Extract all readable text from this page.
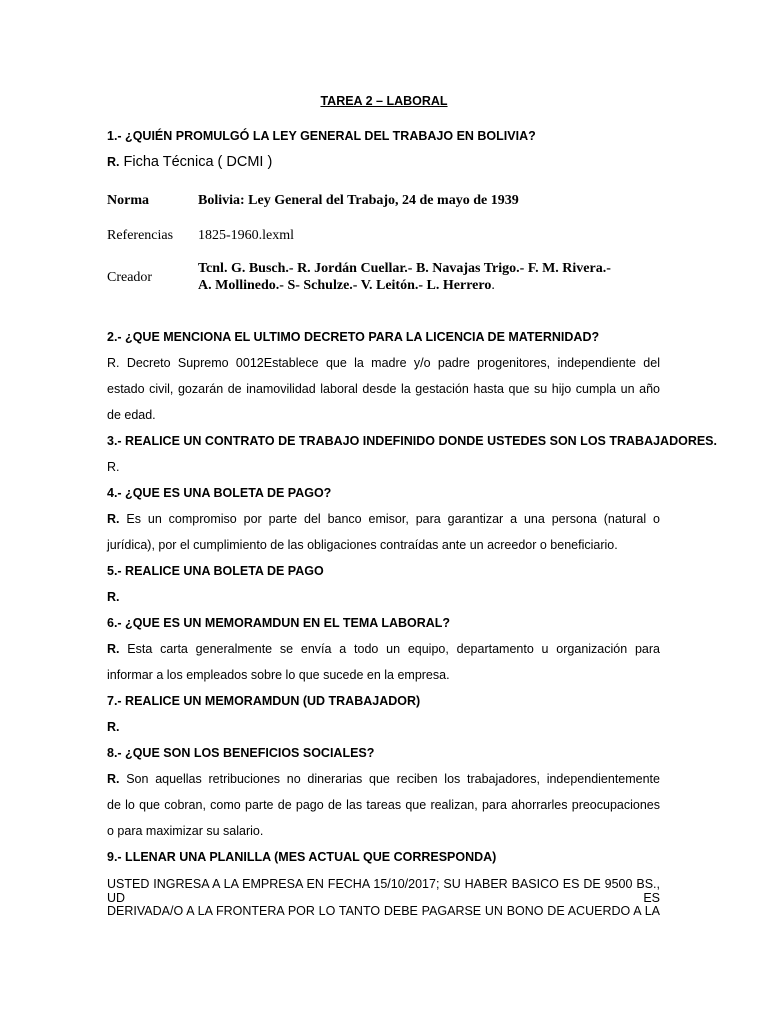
TAREA 2 – LABORAL
1.- ¿QUIÉN PROMULGÓ LA LEY GENERAL DEL TRABAJO EN BOLIVIA?
R. Ficha Técnica ( DCMI )
Norma	Bolivia: Ley General del Trabajo, 24 de mayo de 1939
Referencias 1825-1960.lexml
Creador
Tcnl. G. Busch.- R. Jordán Cuellar.- B. Navajas Trigo.- F. M. Rivera.-
A. Mollinedo.- S- Schulze.- V. Leitón.- L. Herrero.
2.- ¿QUE MENCIONA EL ULTIMO DECRETO PARA LA LICENCIA DE MATERNIDAD?
R. Decreto Supremo 0012Establece que la madre y/o padre progenitores, independiente del
estado civil, gozarán de inamovilidad laboral desde la gestación hasta que su hijo cumpla un año
de edad.
3.- REALICE UN CONTRATO DE TRABAJO INDEFINIDO DONDE USTEDES SON LOS TRABAJADORES.
R.
4.- ¿QUE ES UNA BOLETA DE PAGO?
R. Es un compromiso por parte del banco emisor, para garantizar a una persona (natural o
jurídica), por el cumplimiento de las obligaciones contraídas ante un acreedor o beneficiario.
5.- REALICE UNA BOLETA DE PAGO
R.
6.- ¿QUE ES UN MEMORAMDUN EN EL TEMA LABORAL?
R. Esta carta generalmente se envía a todo un equipo, departamento u organización para
informar a los empleados sobre lo que sucede en la empresa.
7.- REALICE UN MEMORAMDUN (UD TRABAJADOR)
R.
8.- ¿QUE SON LOS BENEFICIOS SOCIALES?
R. Son aquellas retribuciones no dinerarias que reciben los trabajadores, independientemente
de lo que cobran, como parte de pago de las tareas que realizan, para ahorrarles preocupaciones
o para maximizar su salario.
9.- LLENAR UNA PLANILLA (MES ACTUAL QUE CORRESPONDA)
USTED INGRESA A LA EMPRESA EN FECHA 15/10/2017; SU HABER BASICO ES DE 9500 BS., UD ES
DERIVADA/O A LA FRONTERA POR LO TANTO DEBE PAGARSE UN BONO DE ACUERDO A LA
